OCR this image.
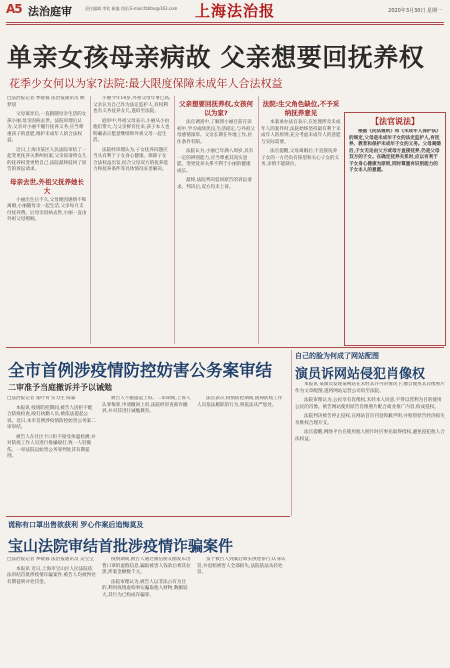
A5 法治庭审	责任编辑 李钦 新编 钱雨 E-mail:fzbfas@163.com 上海法治报	2020年3月30日 星期一
单亲女孩母亲病故 父亲想要回抚养权
花季少女何以为家?法院:最大限度保障未成年人合法权益
□法治报记者 季敬暮 法治报通讯员 顾梦晨

父母离异后,一直跟随母亲生活的女孩小丽,母亲因病去世。法院审理后认为,父亲对小丽不履行抚养义务,应当尊重孩子的意愿,维护未成年人的合法权益。

近日,上海市某区人民法院审结了一起变更抚养关系纠纷案,父亲诉请将女儿的抚养权变更给自己,法院最终驳回了原告的诉讼请求。

母亲去世,外祖父抚养她长大

小丽出生后不久,父母便因感情不和离婚,小丽随母亲一起生活,父亲每月支付抚养费。后母亲因病去世,小丽一直由外祖父母照顾。

小丽今年14岁,外祖父母年事已高,父亲认为自己作为法定监护人,有权利也有义务抚养女儿,遂诉至法院。

庭审中,外祖父母表示,小丽从小由他们带大,与父亲鲜有往来,孩子本人也明确表示愿意继续和外祖父母一起生活。

法院经审理认为,子女抚养问题应当从有利于子女身心健康、保障子女合法权益出发,结合父母双方的抚养能力和抚养条件等具体情况妥善解决。

父亲想要回抚养权,女孩何以为家?

法官调查中,了解到小丽目前在读初中,学习成绩优良,生活稳定,与外祖父母感情深厚。父亲长期在外地工作,居住条件有限。

法院认为,小丽已年满八周岁,具有一定的辨别能力,应当尊重其真实意愿。变更抚养关系不利于小丽的健康成长。

最终,法院判决驳回原告的诉讼请求。判决后,双方均未上诉。

法院:生父角色缺位,不予采纳抚养意见

本案承办法官表示,在处理涉及未成年人的案件时,法院始终坚持最有利于未成年人的原则,充分考虑未成年人的意愿与实际需要。

法官提醒,父母离婚后,不直接抚养子女的一方仍负有探望和关心子女的义务,亲情不能缺位。

【法官说法】

根据《民法通则》和《未成年人保护法》的规定,父母是未成年子女的法定监护人,有抚养、教育和保护未成年子女的义务。父母离婚后,子女无论由父方或母方直接抚养,仍是父母双方的子女。在确定抚养关系时,应以有利于子女身心健康为原则,同时尊重有识别能力的子女本人的意愿。

全市首例涉疫情防控妨害公务案审结
二审准予当庭撤诉并予以诫勉
□法治报记者 张叶青 实习生 陈霖

本报讯 疫情防控期间,被告人因拒不配合防疫检查,殴打执勤人员,被依法提起公诉。近日,本市首例涉疫情防控妨害公务案二审审结。

被告人在社区卡口拒不接受体温检测,并对防疫工作人员进行推搡殴打,致一人轻微伤。一审法院以妨害公务罪判处其有期徒刑。

被告人不服提起上诉。二审期间,上诉人认罪悔罪,申请撤回上诉,法院经审查准许撤诉,并对其进行诫勉教育。

法官表示,疫情防控期间,阻碍防疫工作人员依法履职的行为,将依法从严惩处。

自己的脸为何成了网站配图
演员诉网站侵犯肖像权

本报讯 某演员发现某网站在未经其许可的情况下,擅自使用其肖像照片作为文章配图,遂将网站运营公司诉至法院。

法院审理认为,公民享有肖像权,未经本人同意,不得以营利为目的使用公民的肖像。被告网站使用原告肖像照片配合商业推广内容,构成侵权。

法院判决被告停止侵权,在网站首页刊登致歉声明,并赔偿原告经济损失及维权合理开支。

法官提醒,网络平台在使用他人照片时应事先取得授权,避免侵犯他人合法权益。

谎称有口罩出售欲获利 罗心作案后追悔莫及
宝山法院审结首批涉疫情诈骗案件
□法治报记者 季敬暮 法治报通讯员 吴宝宝

本报讯 近日,上海市宝山区人民法院依法审结首批涉疫情诈骗案件,被告人均被判处有期徒刑并处罚金。

疫情期间,被告人通过微信朋友圈发布出售口罩的虚假信息,骗取被害人钱款后将其拉黑,涉案金额数千元。

法院审理认为,被告人以非法占有为目的,利用疫情虚构事实骗取他人财物,数额较大,其行为已构成诈骗罪。

鉴于被告人到案后如实供述罪行,认罪认罚,并退赔被害人全部损失,法院依法从轻处罚。
